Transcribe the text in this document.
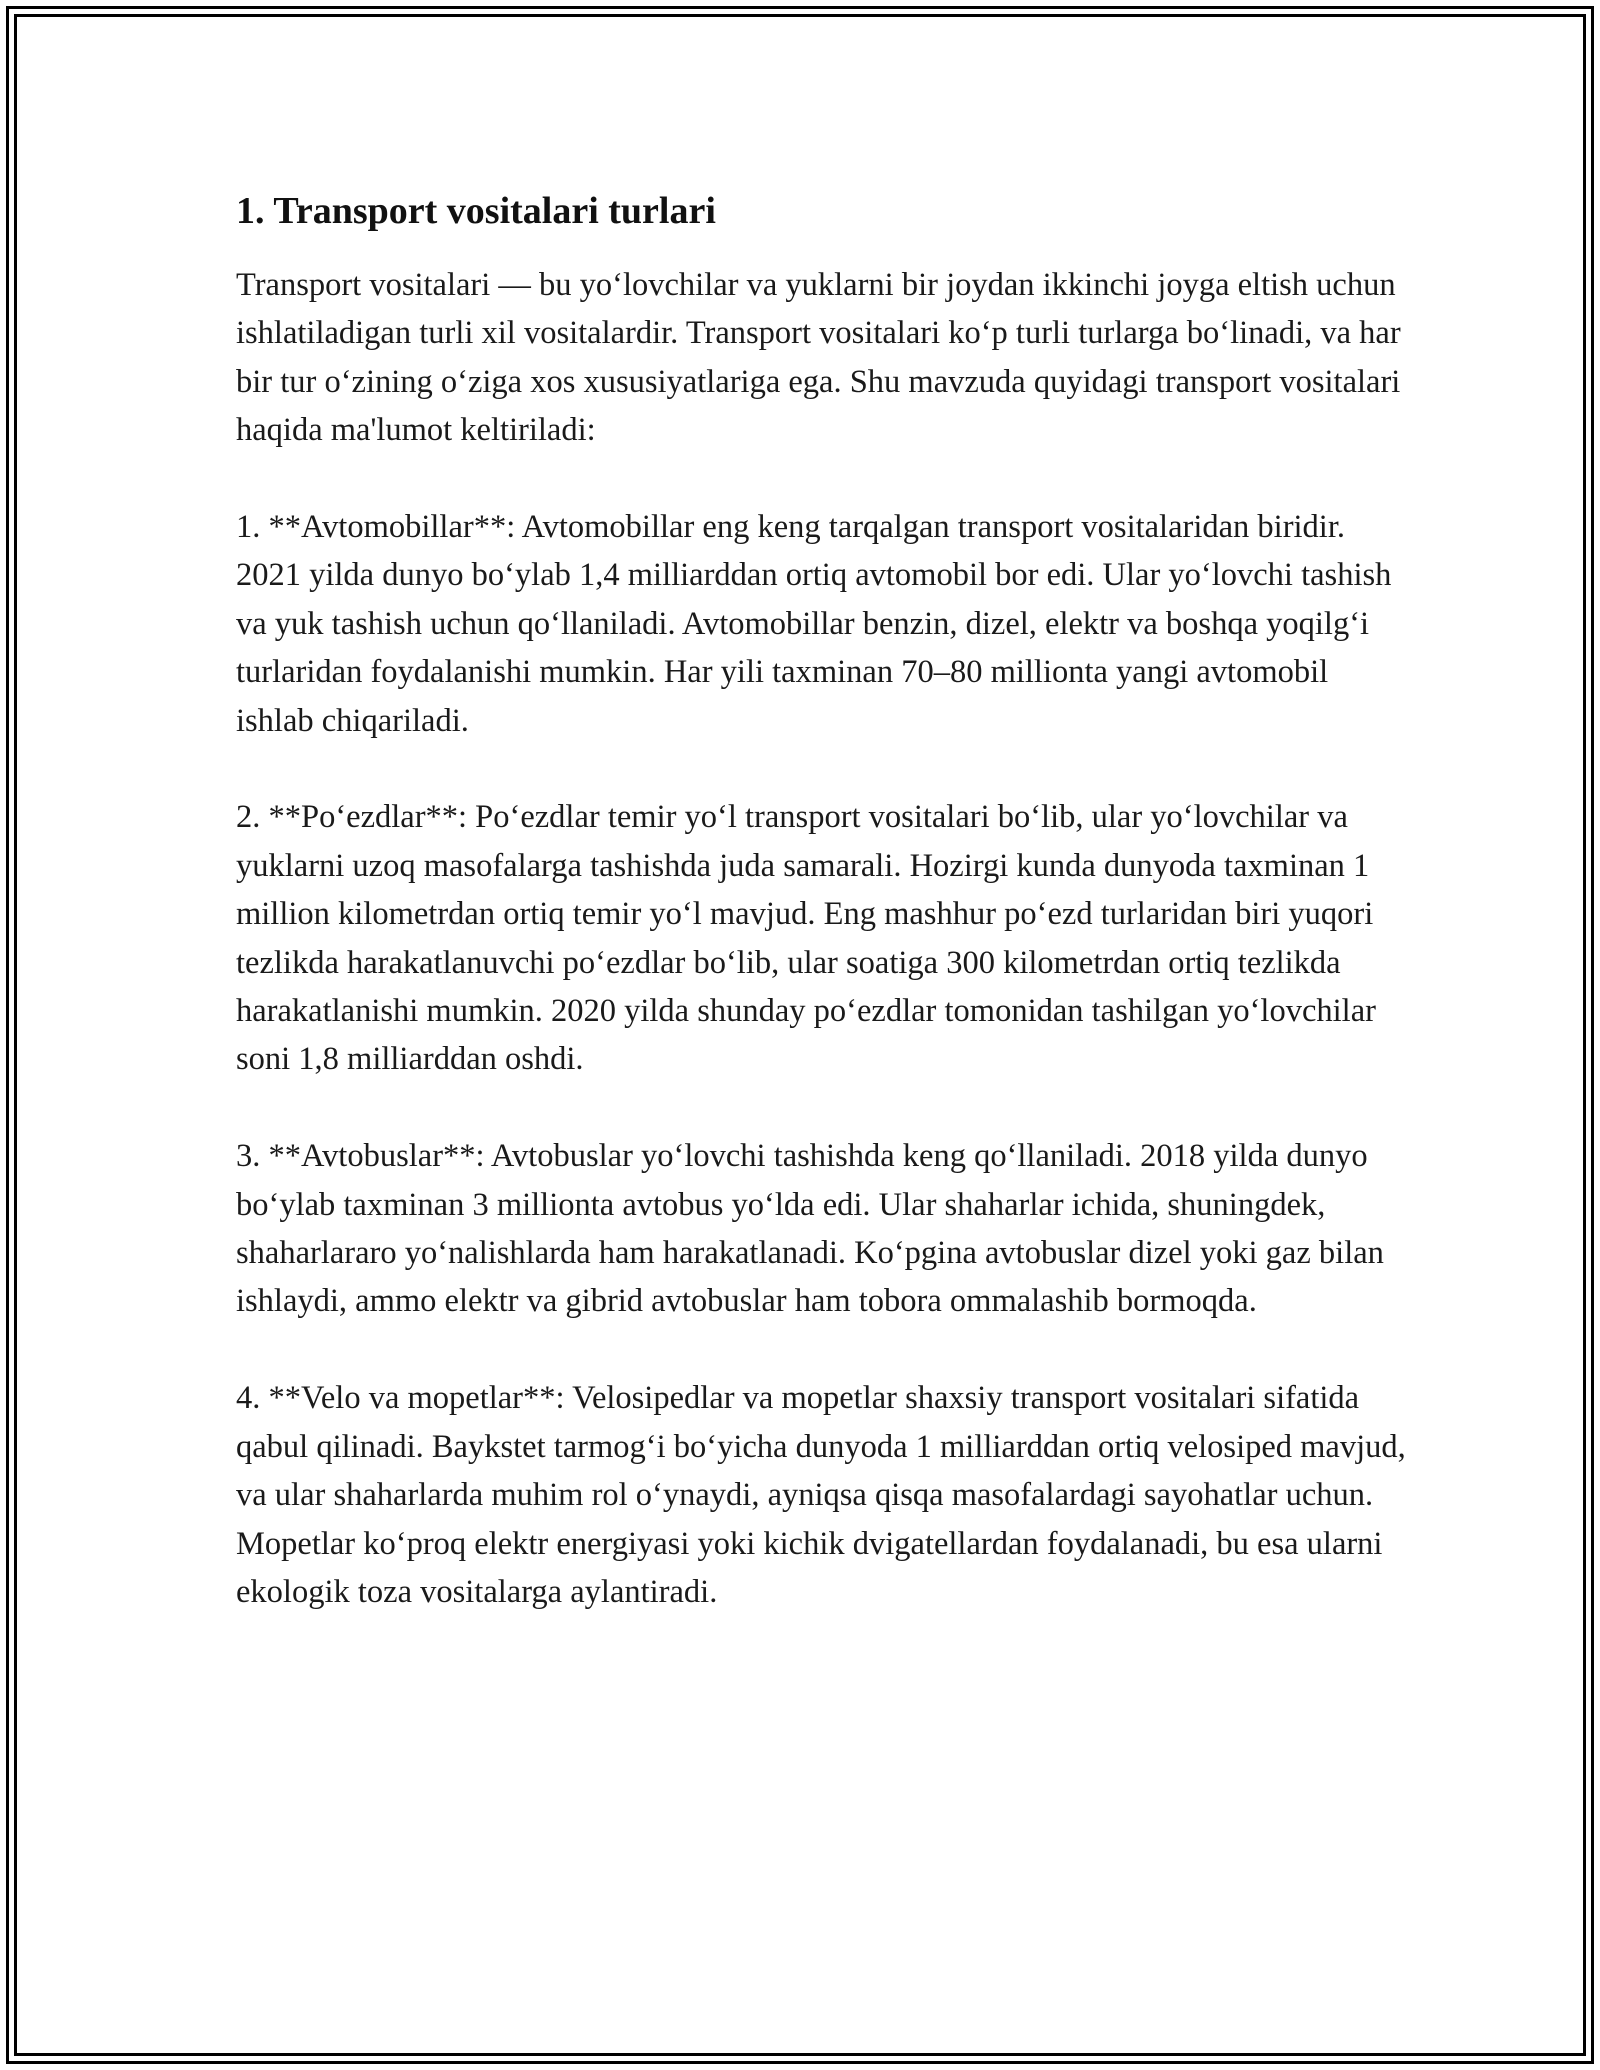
1. Transport vositalari turlari

Transport vositalari — bu yo‘lovchilar va yuklarni bir joydan ikkinchi joyga eltish uchun ishlatiladigan turli xil vositalardir. Transport vositalari ko‘p turli turlarga bo‘linadi, va har bir tur o‘zining o‘ziga xos xususiyatlariga ega. Shu mavzuda quyidagi transport vositalari haqida ma'lumot keltiriladi:

1. **Avtomobillar**: Avtomobillar eng keng tarqalgan transport vositalaridan biridir. 2021 yilda dunyo bo‘ylab 1,4 milliarddan ortiq avtomobil bor edi. Ular yo‘lovchi tashish va yuk tashish uchun qo‘llaniladi. Avtomobillar benzin, dizel, elektr va boshqa yoqilg‘i turlaridan foydalanishi mumkin. Har yili taxminan 70–80 millionta yangi avtomobil ishlab chiqariladi.

2. **Po‘ezdlar**: Po‘ezdlar temir yo‘l transport vositalari bo‘lib, ular yo‘lovchilar va yuklarni uzoq masofalarga tashishda juda samarali. Hozirgi kunda dunyoda taxminan 1 million kilometrdan ortiq temir yo‘l mavjud. Eng mashhur po‘ezd turlaridan biri yuqori tezlikda harakatlanuvchi po‘ezdlar bo‘lib, ular soatiga 300 kilometrdan ortiq tezlikda harakatlanishi mumkin. 2020 yilda shunday po‘ezdlar tomonidan tashilgan yo‘lovchilar soni 1,8 milliarddan oshdi.

3. **Avtobuslar**: Avtobuslar yo‘lovchi tashishda keng qo‘llaniladi. 2018 yilda dunyo bo‘ylab taxminan 3 millionta avtobus yo‘lda edi. Ular shaharlar ichida, shuningdek, shaharlararo yo‘nalishlarda ham harakatlanadi. Ko‘pgina avtobuslar dizel yoki gaz bilan ishlaydi, ammo elektr va gibrid avtobuslar ham tobora ommalashib bormoqda.

4. **Velo va mopetlar**: Velosipedlar va mopetlar shaxsiy transport vositalari sifatida qabul qilinadi. Baykstet tarmog‘i bo‘yicha dunyoda 1 milliarddan ortiq velosiped mavjud, va ular shaharlarda muhim rol o‘ynaydi, ayniqsa qisqa masofalardagi sayohatlar uchun. Mopetlar ko‘proq elektr energiyasi yoki kichik dvigatellardan foydalanadi, bu esa ularni ekologik toza vositalarga aylantiradi.
